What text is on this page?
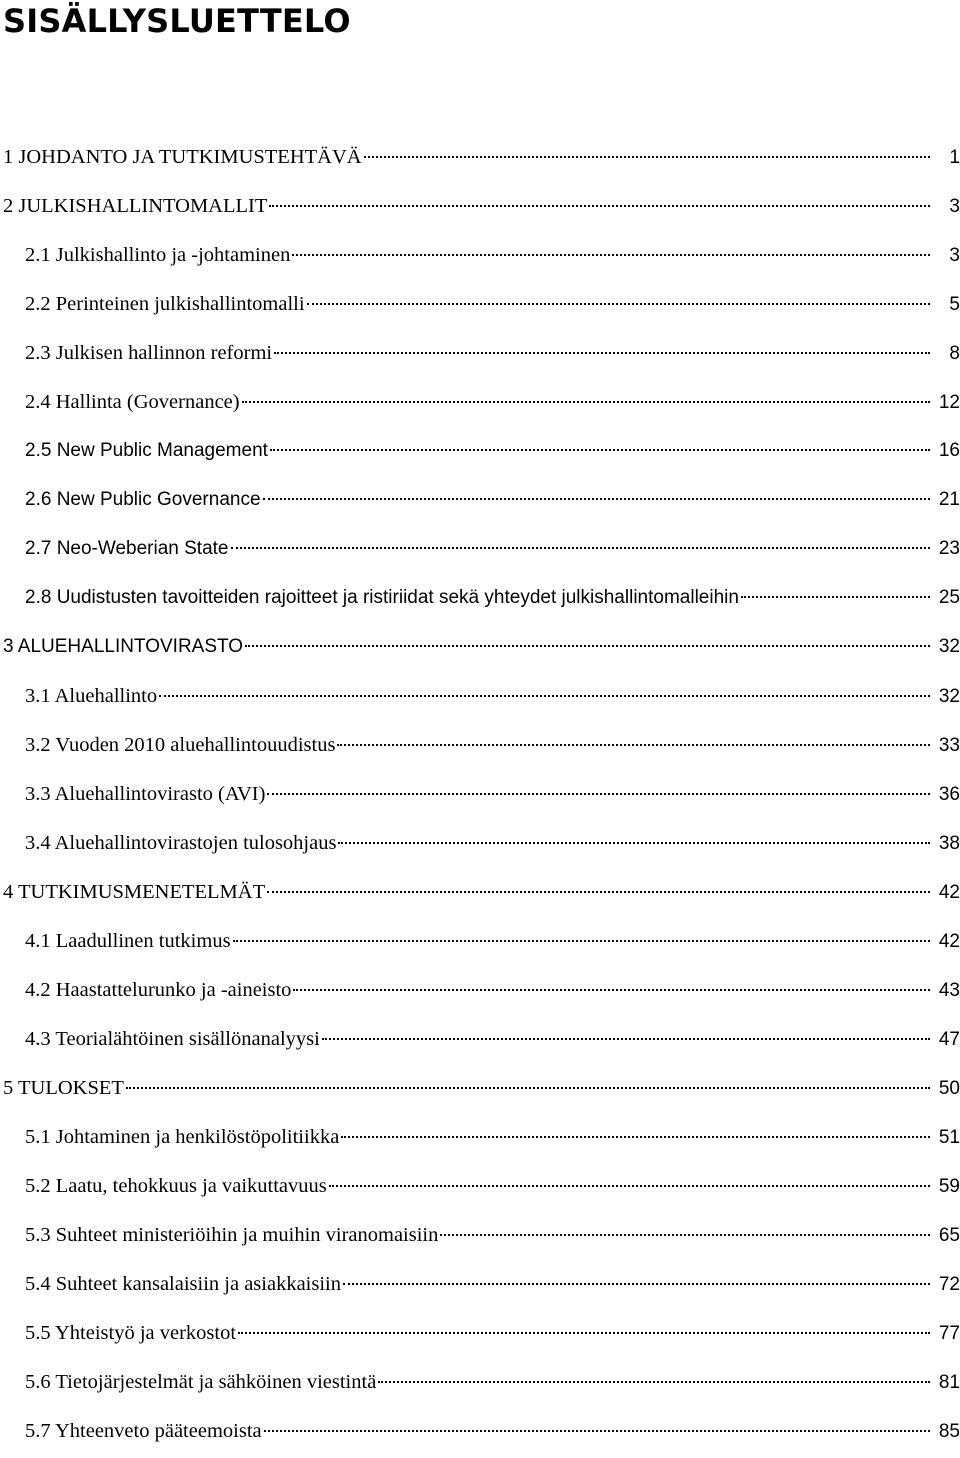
SISÄLLYSLUETTELO
1 JOHDANTO JA TUTKIMUSTEHTÄVÄ	1
2 JULKISHALLINTOMALLIT	3
2.1 Julkishallinto ja -johtaminen	3
2.2 Perinteinen julkishallintomalli	5
2.3 Julkisen hallinnon reformi	8
2.4 Hallinta (Governance)	12
2.5 New Public Management	16
2.6 New Public Governance	21
2.7 Neo-Weberian State	23
2.8 Uudistusten tavoitteiden rajoitteet ja ristiriidat sekä yhteydet julkishallintomalleihin	25
3 ALUEHALLINTOVIRASTO	32
3.1 Aluehallinto	32
3.2 Vuoden 2010 aluehallintouudistus	33
3.3 Aluehallintovirasto (AVI)	36
3.4 Aluehallintovirastojen tulosohjaus	38
4 TUTKIMUSMENETELMÄT	42
4.1 Laadullinen tutkimus	42
4.2 Haastattelurunko ja -aineisto	43
4.3 Teorialähtöinen sisällönanalyysi	47
5 TULOKSET	50
5.1 Johtaminen ja henkilöstöpolitiikka	51
5.2 Laatu, tehokkuus ja vaikuttavuus	59
5.3 Suhteet ministeriöihin ja muihin viranomaisiin	65
5.4 Suhteet kansalaisiin ja asiakkaisiin	72
5.5 Yhteistyö ja verkostot	77
5.6 Tietojärjestelmät ja sähköinen viestintä	81
5.7 Yhteenveto pääteemoista	85
